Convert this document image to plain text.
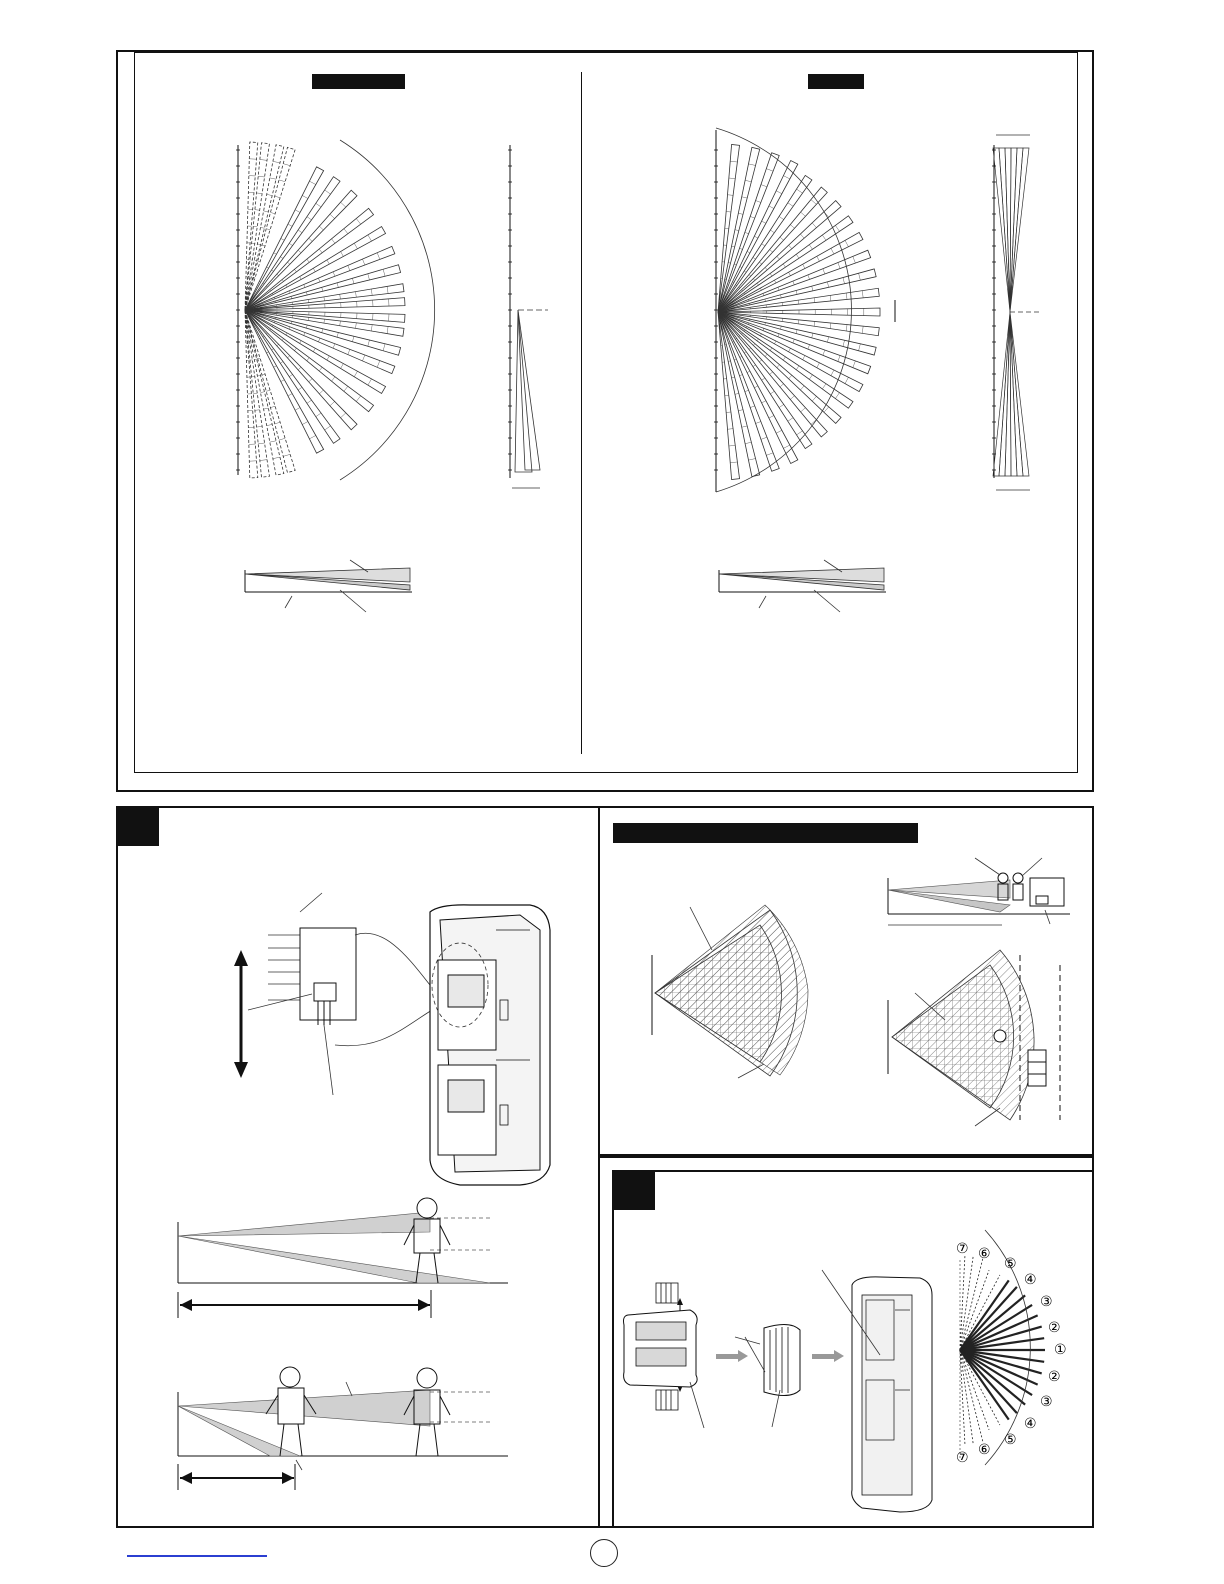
⑦ ⑥
⑤
④
③
②
①
②
③
④
⑤
⑥
⑦
